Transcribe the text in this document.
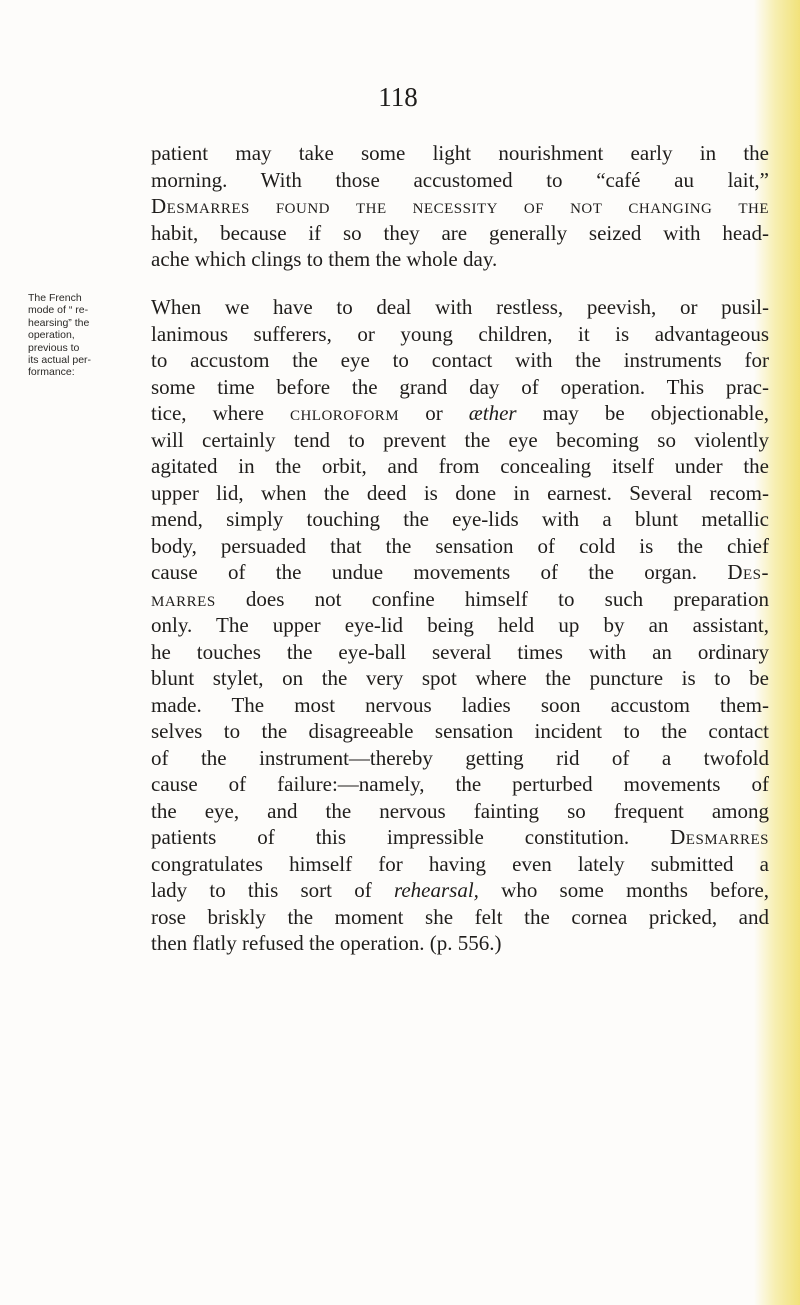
118
The French
mode of “ re-
hearsing” the
operation,
previous to
its actual per-
formance:
patient may take some light nourishment early in the
morning. With those accustomed to “café au lait,”
Desmarres found the necessity of not changing the
habit, because if so they are generally seized with head-
ache which clings to them the whole day.
When we have to deal with restless, peevish, or pusil-
lanimous sufferers, or young children, it is advantageous
to accustom the eye to contact with the instruments for
some time before the grand day of operation. This prac-
tice, where chloroform or æther may be objectionable,
will certainly tend to prevent the eye becoming so violently
agitated in the orbit, and from concealing itself under the
upper lid, when the deed is done in earnest. Several recom-
mend, simply touching the eye-lids with a blunt metallic
body, persuaded that the sensation of cold is the chief
cause of the undue movements of the organ. Des-
marres does not confine himself to such preparation
only. The upper eye-lid being held up by an assistant,
he touches the eye-ball several times with an ordinary
blunt stylet, on the very spot where the puncture is to be
made. The most nervous ladies soon accustom them-
selves to the disagreeable sensation incident to the contact
of the instrument—thereby getting rid of a twofold
cause of failure:—namely, the perturbed movements of
the eye, and the nervous fainting so frequent among
patients of this impressible constitution. Desmarres
congratulates himself for having even lately submitted a
lady to this sort of rehearsal, who some months before,
rose briskly the moment she felt the cornea pricked, and
then flatly refused the operation. (p. 556.)
